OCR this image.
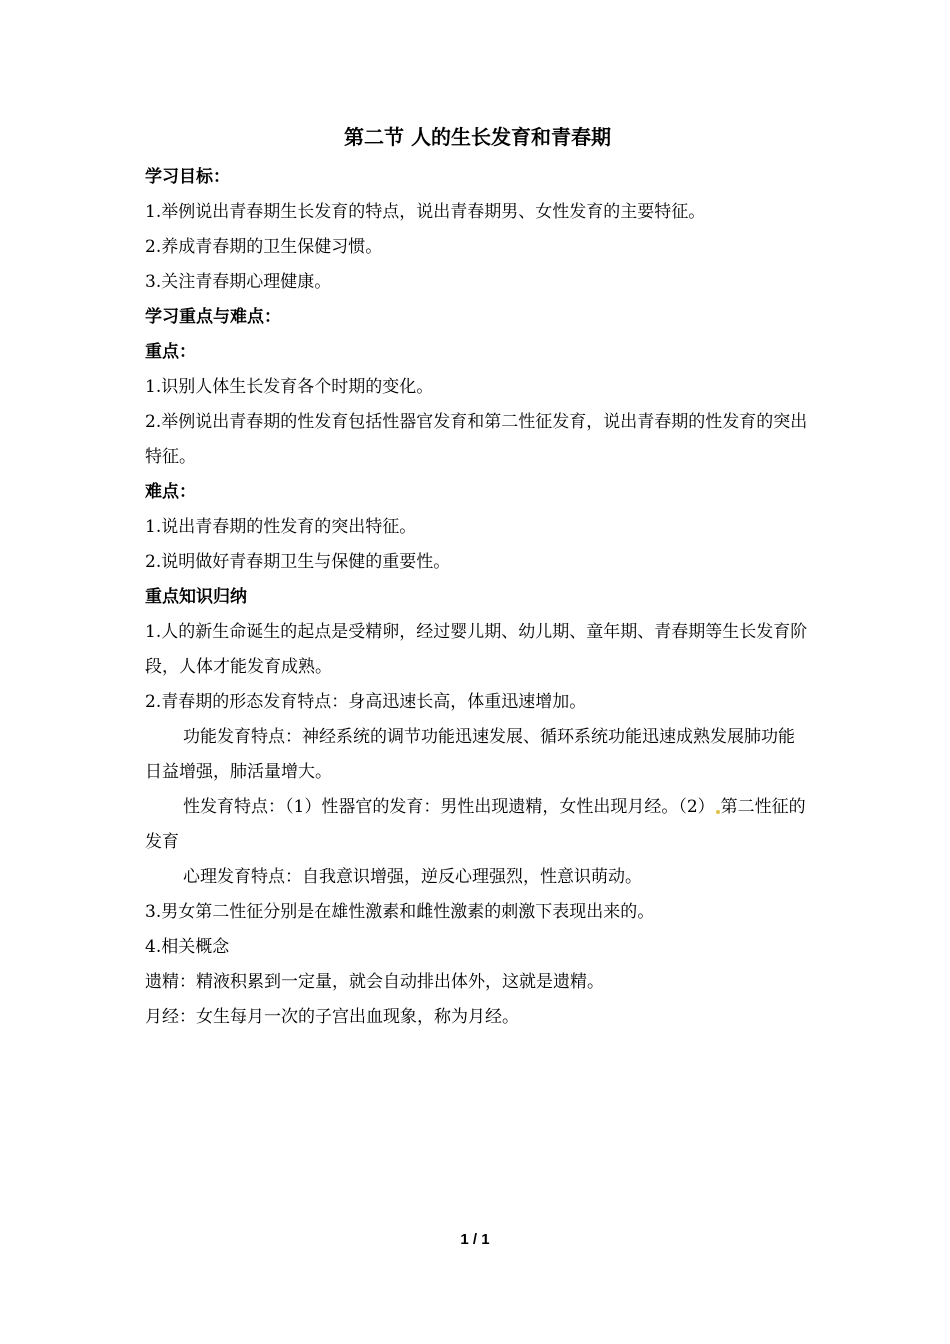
第二节 人的生长发育和青春期

学习目标：

1.举例说出青春期生长发育的特点，说出青春期男、女性发育的主要特征。

2.养成青春期的卫生保健习惯。

3.关注青春期心理健康。

学习重点与难点：

重点：

1.识别人体生长发育各个时期的变化。

2.举例说出青春期的性发育包括性器官发育和第二性征发育，说出青春期的性发育的突出特征。

难点：

1.说出青春期的性发育的突出特征。

2.说明做好青春期卫生与保健的重要性。

重点知识归纳

1.人的新生命诞生的起点是受精卵，经过婴儿期、幼儿期、童年期、青春期等生长发育阶段，人体才能发育成熟。

2.青春期的形态发育特点：身高迅速长高，体重迅速增加。

功能发育特点：神经系统的调节功能迅速发展、循环系统功能迅速成熟发展肺功能日益增强，肺活量增大。

性发育特点：（1）性器官的发育：男性出现遗精，女性出现月经。（2） 第二性征的发育

心理发育特点：自我意识增强，逆反心理强烈，性意识萌动。

3.男女第二性征分别是在雄性激素和雌性激素的刺激下表现出来的。

4.相关概念

遗精：精液积累到一定量，就会自动排出体外，这就是遗精。

月经：女生每月一次的子宫出血现象，称为月经。

1 / 1
